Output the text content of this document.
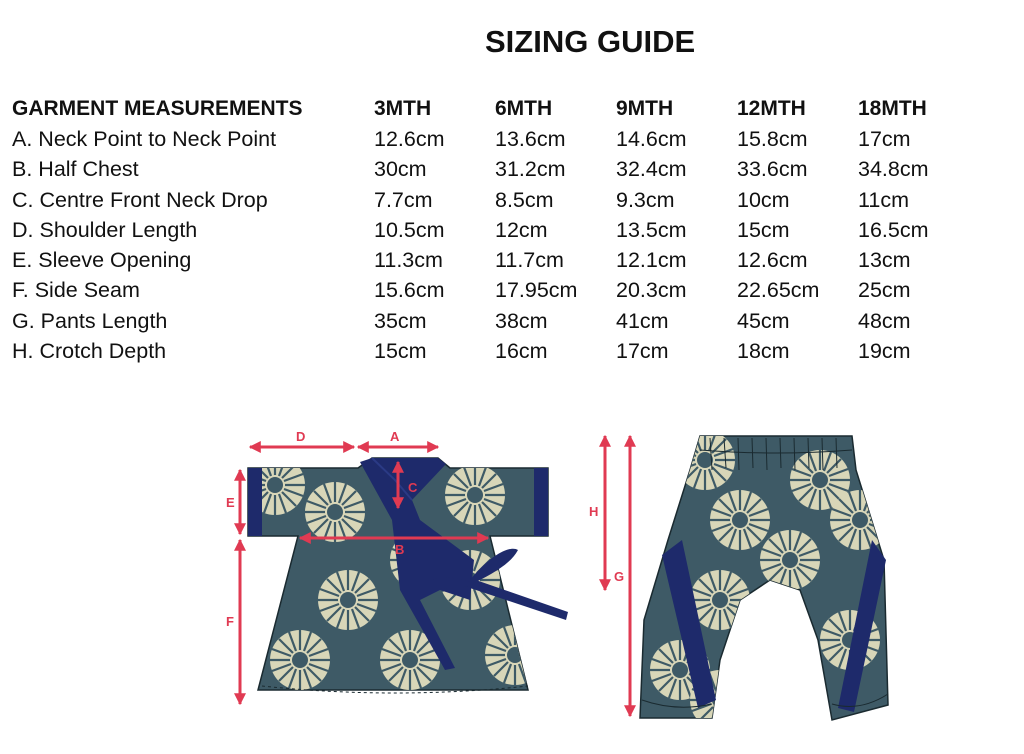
SIZING GUIDE
GARMENT MEASUREMENTS	3MTH	6MTH	9MTH	12MTH	18MTH
A. Neck Point to Neck Point	12.6cm	13.6cm	14.6cm	15.8cm	17cm
B. Half Chest	30cm	31.2cm	32.4cm	33.6cm	34.8cm
C. Centre Front Neck Drop	7.7cm	8.5cm	9.3cm	10cm	11cm
D. Shoulder Length	10.5cm	12cm	13.5cm	15cm	16.5cm
E. Sleeve Opening	11.3cm	11.7cm	12.1cm	12.6cm	13cm
F. Side Seam	15.6cm	17.95cm	20.3cm	22.65cm	25cm
G. Pants Length	35cm	38cm	41cm	45cm	48cm
H. Crotch Depth	15cm	16cm	17cm	18cm	19cm
D	A
C
E
B
F
H
G
